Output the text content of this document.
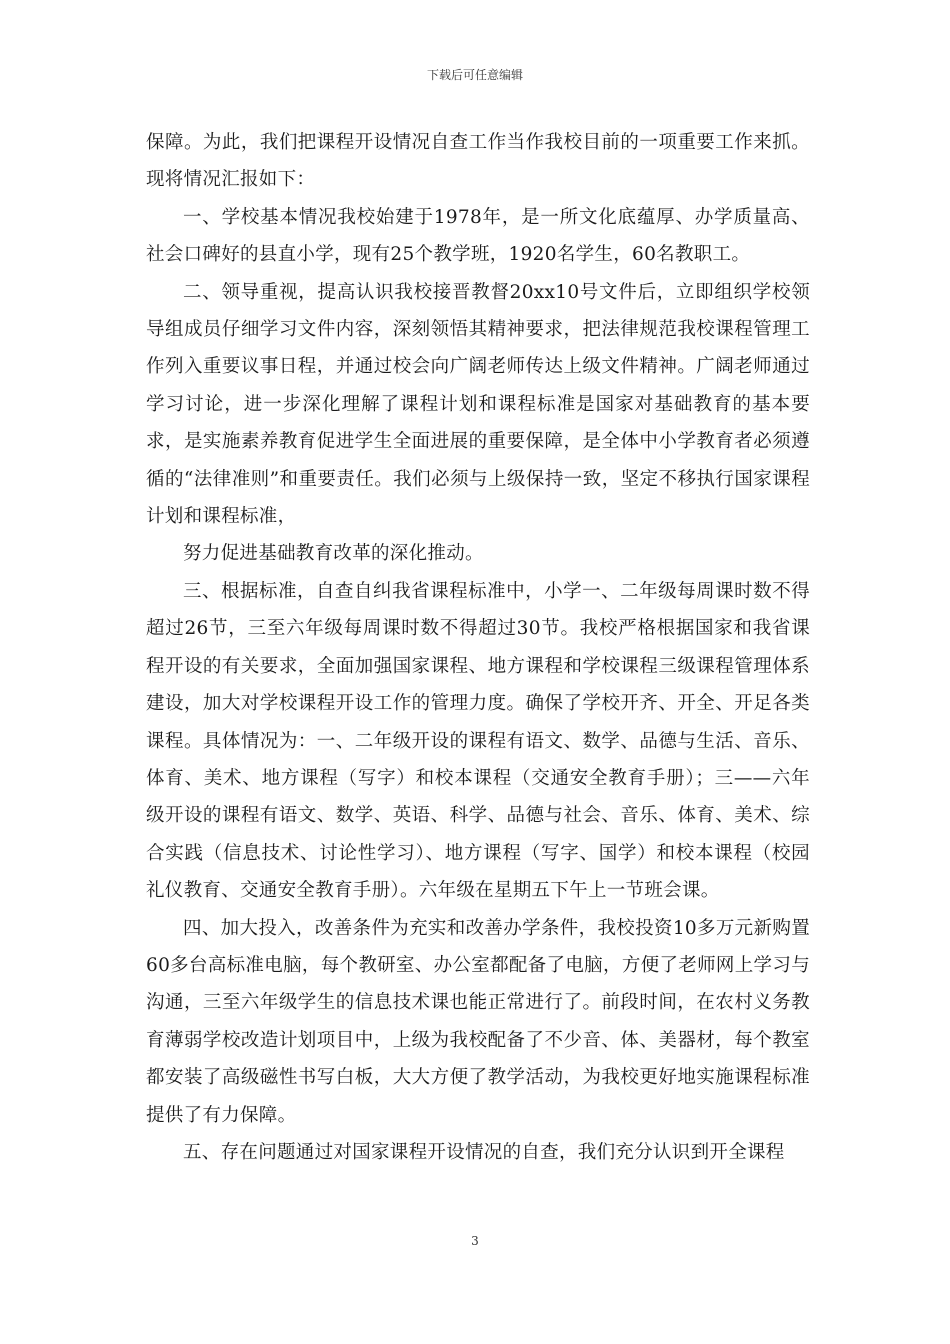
下载后可任意编辑

保障。为此，我们把课程开设情况自查工作当作我校目前的一项重要工作来抓。现将情况汇报如下：

一、学校基本情况我校始建于1978年，是一所文化底蕴厚、办学质量高、社会口碑好的县直小学，现有25个教学班，1920名学生，60名教职工。

二、领导重视，提高认识我校接晋教督20xx10号文件后，立即组织学校领导组成员仔细学习文件内容，深刻领悟其精神要求，把法律规范我校课程管理工作列入重要议事日程，并通过校会向广阔老师传达上级文件精神。广阔老师通过学习讨论，进一步深化理解了课程计划和课程标准是国家对基础教育的基本要求，是实施素养教育促进学生全面进展的重要保障，是全体中小学教育者必须遵循的“法律准则”和重要责任。我们必须与上级保持一致，坚定不移执行国家课程计划和课程标准，

努力促进基础教育改革的深化推动。

三、根据标准，自查自纠我省课程标准中，小学一、二年级每周课时数不得超过26节，三至六年级每周课时数不得超过30节。我校严格根据国家和我省课程开设的有关要求，全面加强国家课程、地方课程和学校课程三级课程管理体系建设，加大对学校课程开设工作的管理力度。确保了学校开齐、开全、开足各类课程。具体情况为：一、二年级开设的课程有语文、数学、品德与生活、音乐、体育、美术、地方课程（写字）和校本课程（交通安全教育手册）；三——六年级开设的课程有语文、数学、英语、科学、品德与社会、音乐、体育、美术、综合实践（信息技术、讨论性学习）、地方课程（写字、国学）和校本课程（校园礼仪教育、交通安全教育手册）。六年级在星期五下午上一节班会课。

四、加大投入，改善条件为充实和改善办学条件，我校投资10多万元新购置60多台高标准电脑，每个教研室、办公室都配备了电脑，方便了老师网上学习与沟通，三至六年级学生的信息技术课也能正常进行了。前段时间，在农村义务教育薄弱学校改造计划项目中，上级为我校配备了不少音、体、美器材，每个教室都安装了高级磁性书写白板，大大方便了教学活动，为我校更好地实施课程标准提供了有力保障。

五、存在问题通过对国家课程开设情况的自查，我们充分认识到开全课程

3
